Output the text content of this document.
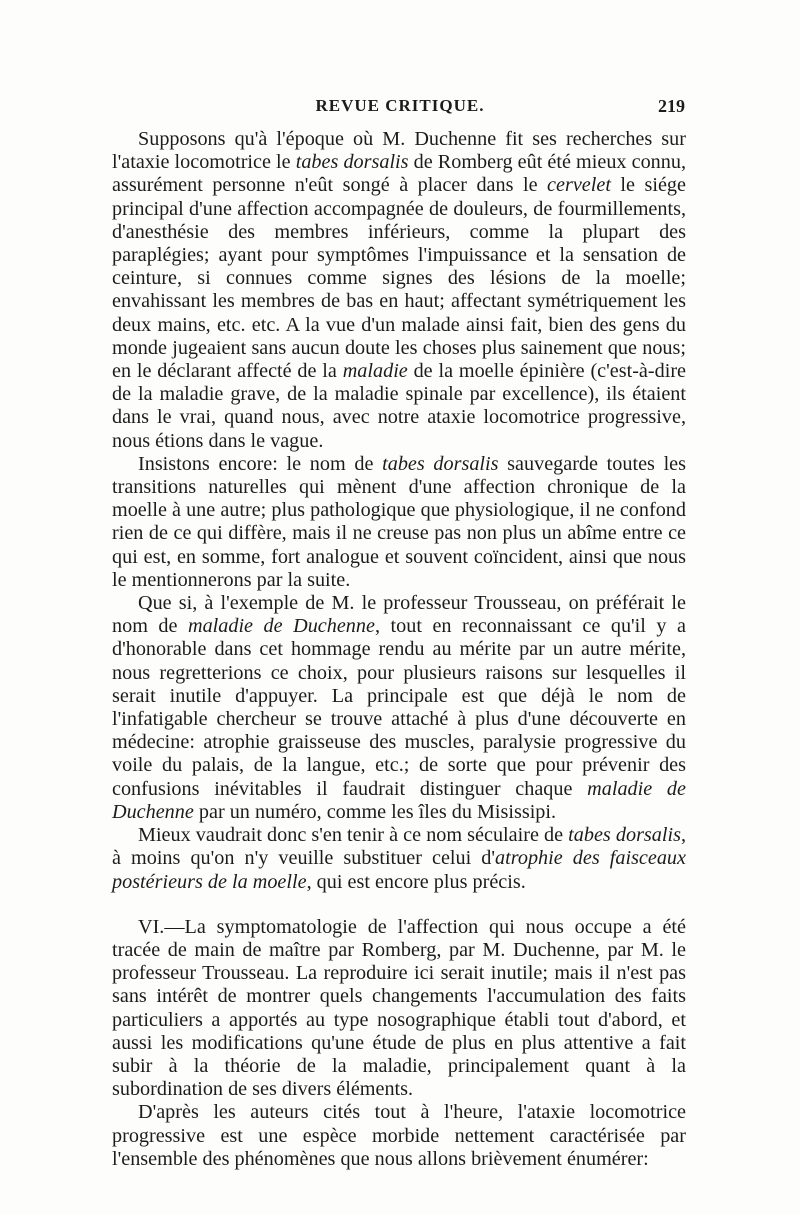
REVUE CRITIQUE.	219

Supposons qu'à l'époque où M. Duchenne fit ses recherches sur l'ataxie locomotrice le tabes dorsalis de Romberg eût été mieux connu, assurément personne n'eût songé à placer dans le cervelet le siége principal d'une affection accompagnée de douleurs, de fourmillements, d'anesthésie des membres inférieurs, comme la plupart des paraplégies; ayant pour symptômes l'impuissance et la sensation de ceinture, si connues comme signes des lésions de la moelle; envahissant les membres de bas en haut; affectant symétriquement les deux mains, etc. etc. A la vue d'un malade ainsi fait, bien des gens du monde jugeaient sans aucun doute les choses plus sainement que nous; en le déclarant affecté de la maladie de la moelle épinière (c'est-à-dire de la maladie grave, de la maladie spinale par excellence), ils étaient dans le vrai, quand nous, avec notre ataxie locomotrice progressive, nous étions dans le vague.

Insistons encore: le nom de tabes dorsalis sauvegarde toutes les transitions naturelles qui mènent d'une affection chronique de la moelle à une autre; plus pathologique que physiologique, il ne confond rien de ce qui diffère, mais il ne creuse pas non plus un abîme entre ce qui est, en somme, fort analogue et souvent coïncident, ainsi que nous le mentionnerons par la suite.

Que si, à l'exemple de M. le professeur Trousseau, on préférait le nom de maladie de Duchenne, tout en reconnaissant ce qu'il y a d'honorable dans cet hommage rendu au mérite par un autre mérite, nous regretterions ce choix, pour plusieurs raisons sur lesquelles il serait inutile d'appuyer. La principale est que déjà le nom de l'infatigable chercheur se trouve attaché à plus d'une découverte en médecine: atrophie graisseuse des muscles, paralysie progressive du voile du palais, de la langue, etc.; de sorte que pour prévenir des confusions inévitables il faudrait distinguer chaque maladie de Duchenne par un numéro, comme les îles du Misissipi.

Mieux vaudrait donc s'en tenir à ce nom séculaire de tabes dorsalis, à moins qu'on n'y veuille substituer celui d'atrophie des faisceaux postérieurs de la moelle, qui est encore plus précis.

VI.—La symptomatologie de l'affection qui nous occupe a été tracée de main de maître par Romberg, par M. Duchenne, par M. le professeur Trousseau. La reproduire ici serait inutile; mais il n'est pas sans intérêt de montrer quels changements l'accumulation des faits particuliers a apportés au type nosographique établi tout d'abord, et aussi les modifications qu'une étude de plus en plus attentive a fait subir à la théorie de la maladie, principalement quant à la subordination de ses divers éléments.

D'après les auteurs cités tout à l'heure, l'ataxie locomotrice progressive est une espèce morbide nettement caractérisée par l'ensemble des phénomènes que nous allons brièvement énumérer:
